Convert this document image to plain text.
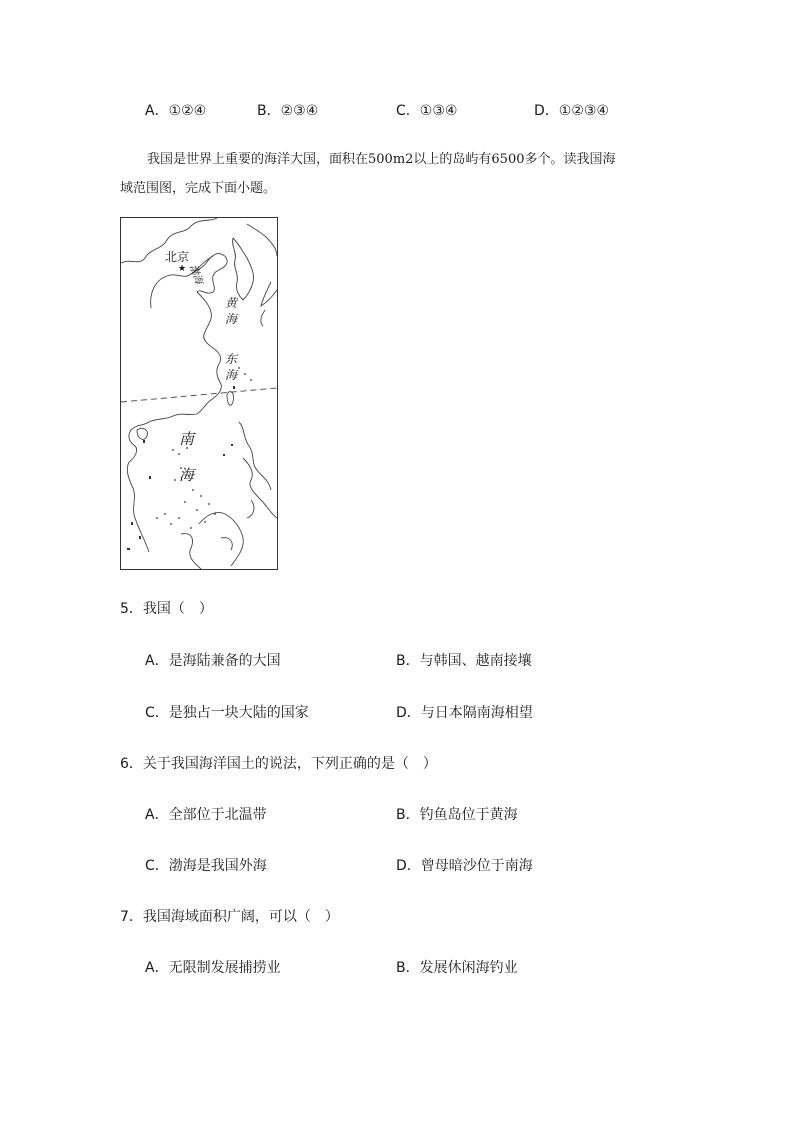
A．①②④	B．②③④	C．①③④	D．①②③④
我国是世界上重要的海洋大国，面积在500m2以上的岛屿有6500多个。读我国海
域范围图，完成下面小题。
★
北京
渤海
黄
海
东
海
南
海
5．我国（　）
A．是海陆兼备的大国	B．与韩国、越南接壤
C．是独占一块大陆的国家	D．与日本隔南海相望
6．关于我国海洋国土的说法，下列正确的是（　）
A．全部位于北温带	B．钓鱼岛位于黄海
C．渤海是我国外海	D．曾母暗沙位于南海
7．我国海域面积广阔，可以（　）
A．无限制发展捕捞业	B．发展休闲海钓业
